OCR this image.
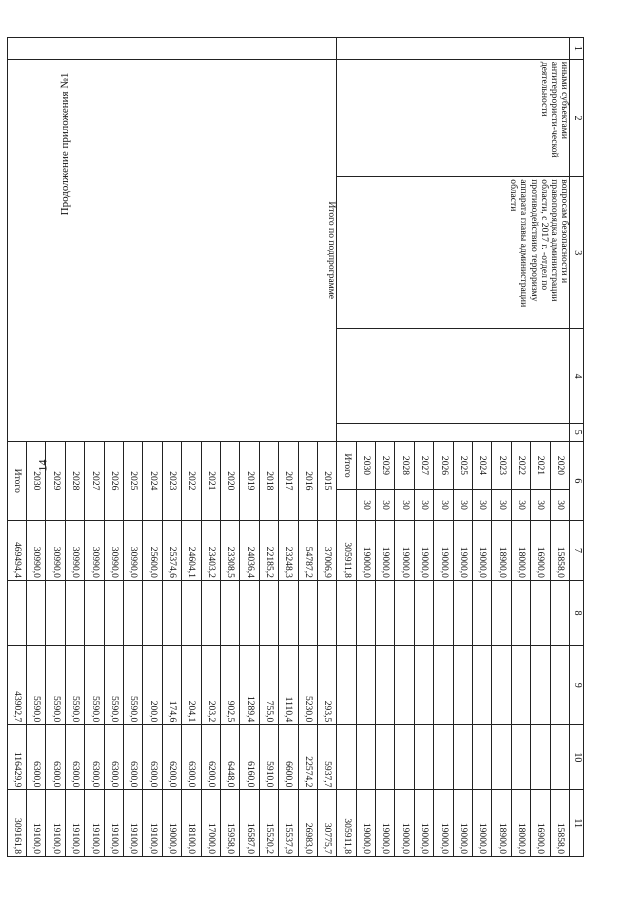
14
Продолжение приложения №1
1	2	3	4	5	6		7	8	9	10	11
	иными субъектами антитеррористи-ческой деятельности	вопросам безопасности и правопорядка администрации области, с 2017 г. -отдел по противодействию терроризму аппарата главы администрации области			2020	30	15858,0				15858,0
					2021	30	16900,0				16900,0
					2022	30	18000,0				18000,0
					2023	30	18900,0				18900,0
					2024	30	19000,0				19000,0
					2025	30	19000,0				19000,0
					2026	30	19000,0				19000,0
					2027	30	19000,0				19000,0
					2028	30	19000,0				19000,0
					2029	30	19000,0				19000,0
					2030	30	19000,0				19000,0
					Итого		305911,8				305911,8
	Итого по подпрограмме				2015		37006,9		293,5	5937,7	30775,7
					2016		54787,2		5230,0	22574,2	26983,0
					2017		23248,3		1110,4	6600,0	15537,9
					2018		22185,2		755,0	5910,0	15520,2
					2019		24036,4		1289,4	6160,0	16587,0
					2020		23308,5		902,5	6448,0	15958,0
					2021		23403,2		203,2	6200,0	17000,0
					2022		24604,1		204,1	6300,0	18100,0
					2023		25374,6		174,6	6200,0	19000,0
					2024		25600,0		200,0	6300,0	19100,0
					2025		30990,0		5590,0	6300,0	19100,0
					2026		30990,0		5590,0	6300,0	19100,0
					2027		30990,0		5590,0	6300,0	19100,0
					2028		30990,0		5590,0	6300,0	19100,0
					2029		30990,0		5590,0	6300,0	19100,0
					2030		30990,0		5590,0	6300,0	19100,0
					Итого		469494,4		43902,7	116429,9	309161,8
